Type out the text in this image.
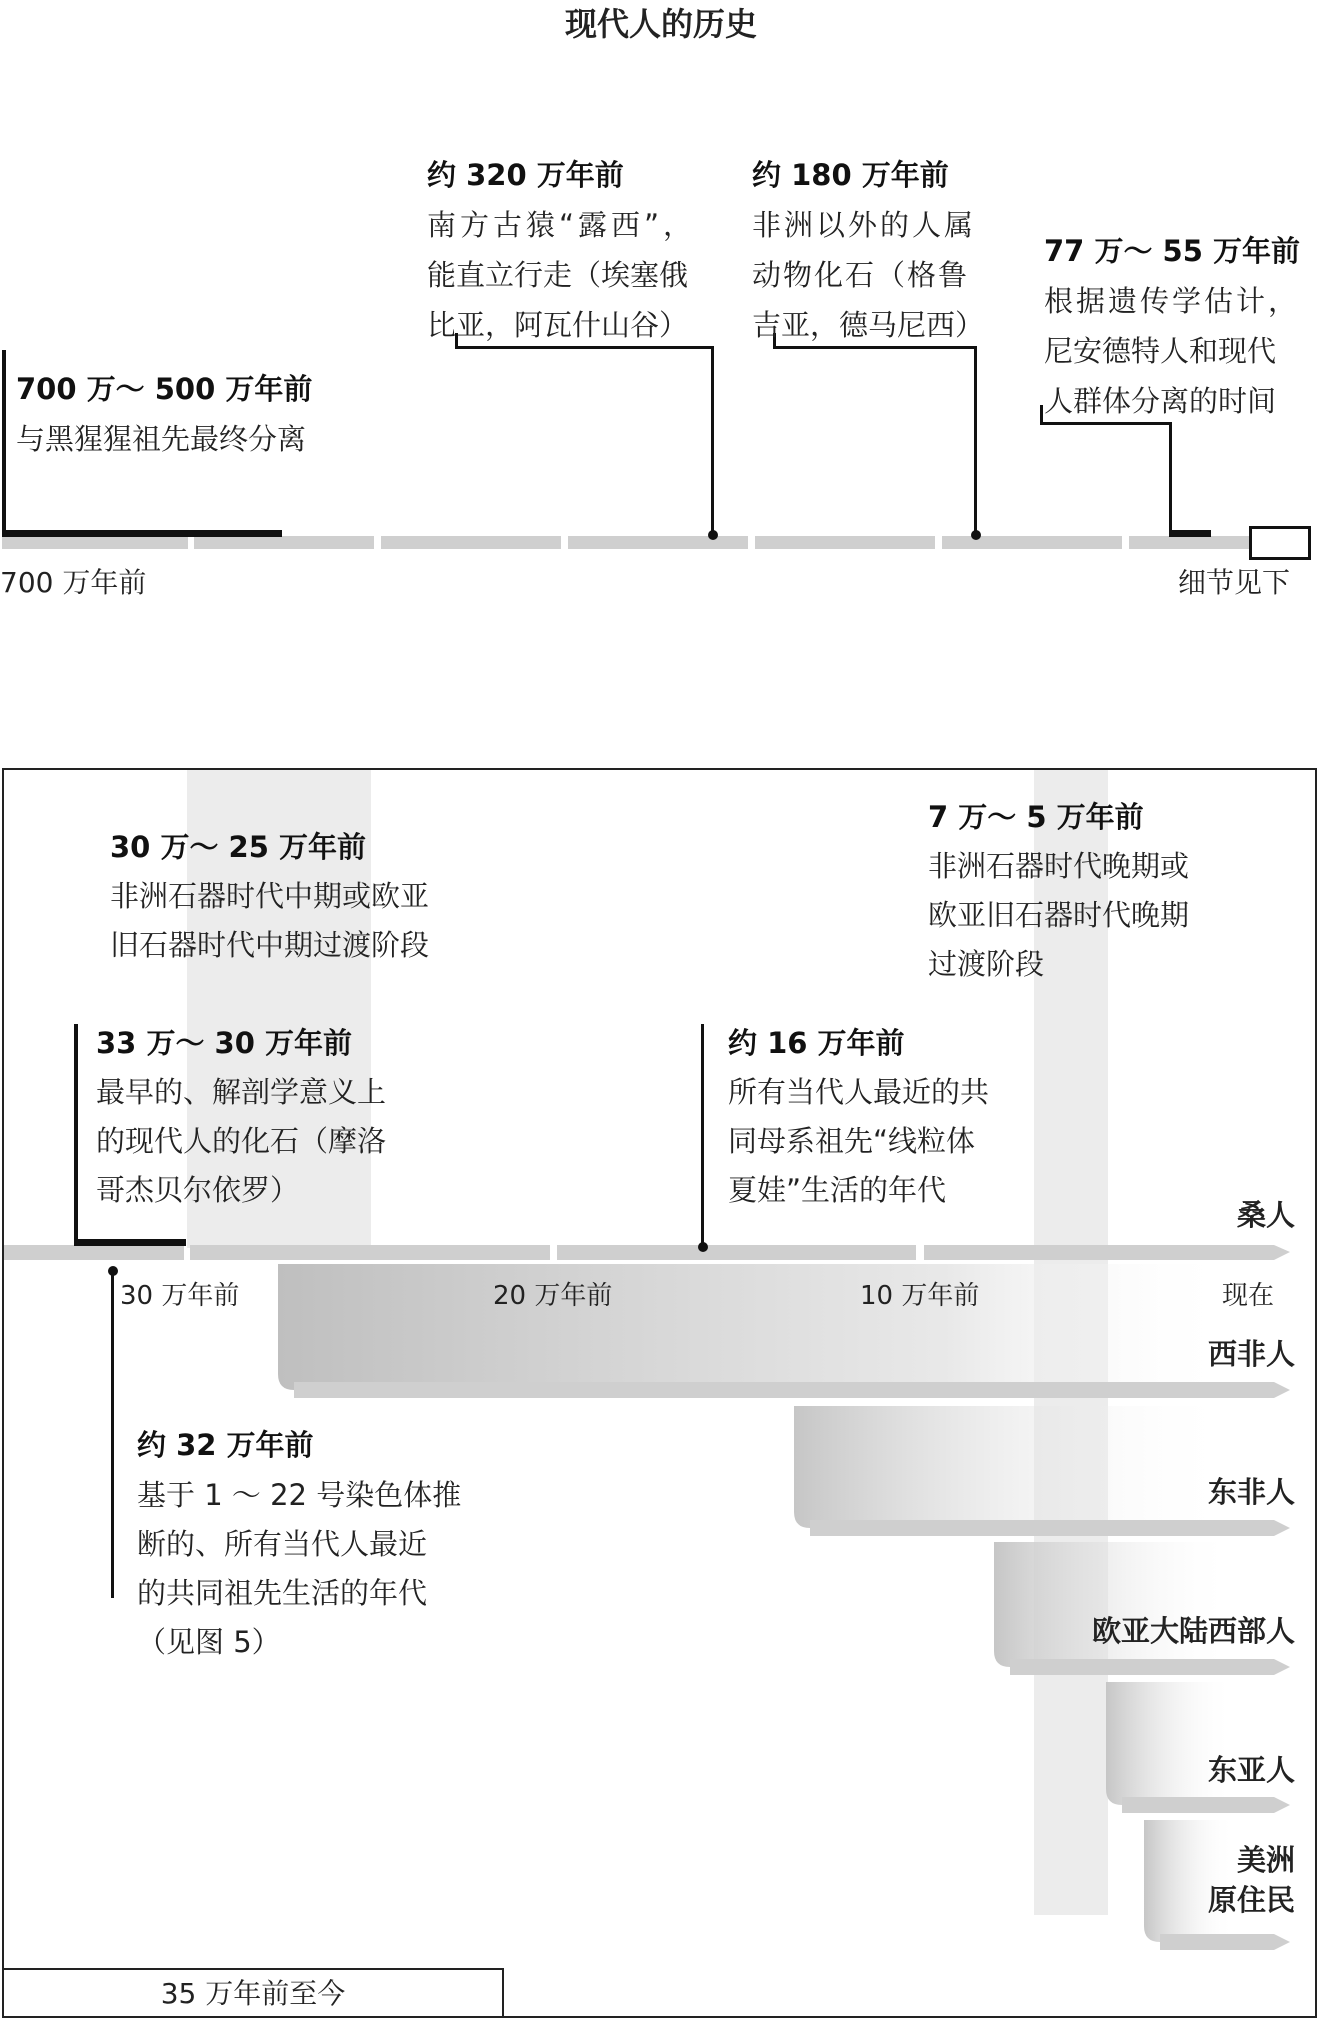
现代人的历史
700 万～ 500 万年前
与黑猩猩祖先最终分离
约 320 万年前
南方古猿“露西”，
能直立行走（埃塞俄
比亚，阿瓦什山谷）
约 180 万年前
非洲以外的人属
动物化石（格鲁
吉亚，德马尼西）
77 万～ 55 万年前
根据遗传学估计，
尼安德特人和现代
人群体分离的时间
700 万年前	细节见下
30 万年前	20 万年前	10 万年前	现在
30 万～ 25 万年前
非洲石器时代中期或欧亚
旧石器时代中期过渡阶段
7 万～ 5 万年前
非洲石器时代晚期或
欧亚旧石器时代晚期
过渡阶段
33 万～ 30 万年前
最早的、解剖学意义上
的现代人的化石（摩洛
哥杰贝尔依罗）
约 16 万年前
所有当代人最近的共
同母系祖先“线粒体
夏娃”生活的年代
约 32 万年前
基于 1 ～ 22 号染色体推
断的、所有当代人最近
的共同祖先生活的年代
（见图 5）
桑人
西非人
东非人
欧亚大陆西部人
东亚人
美洲
原住民
35 万年前至今
